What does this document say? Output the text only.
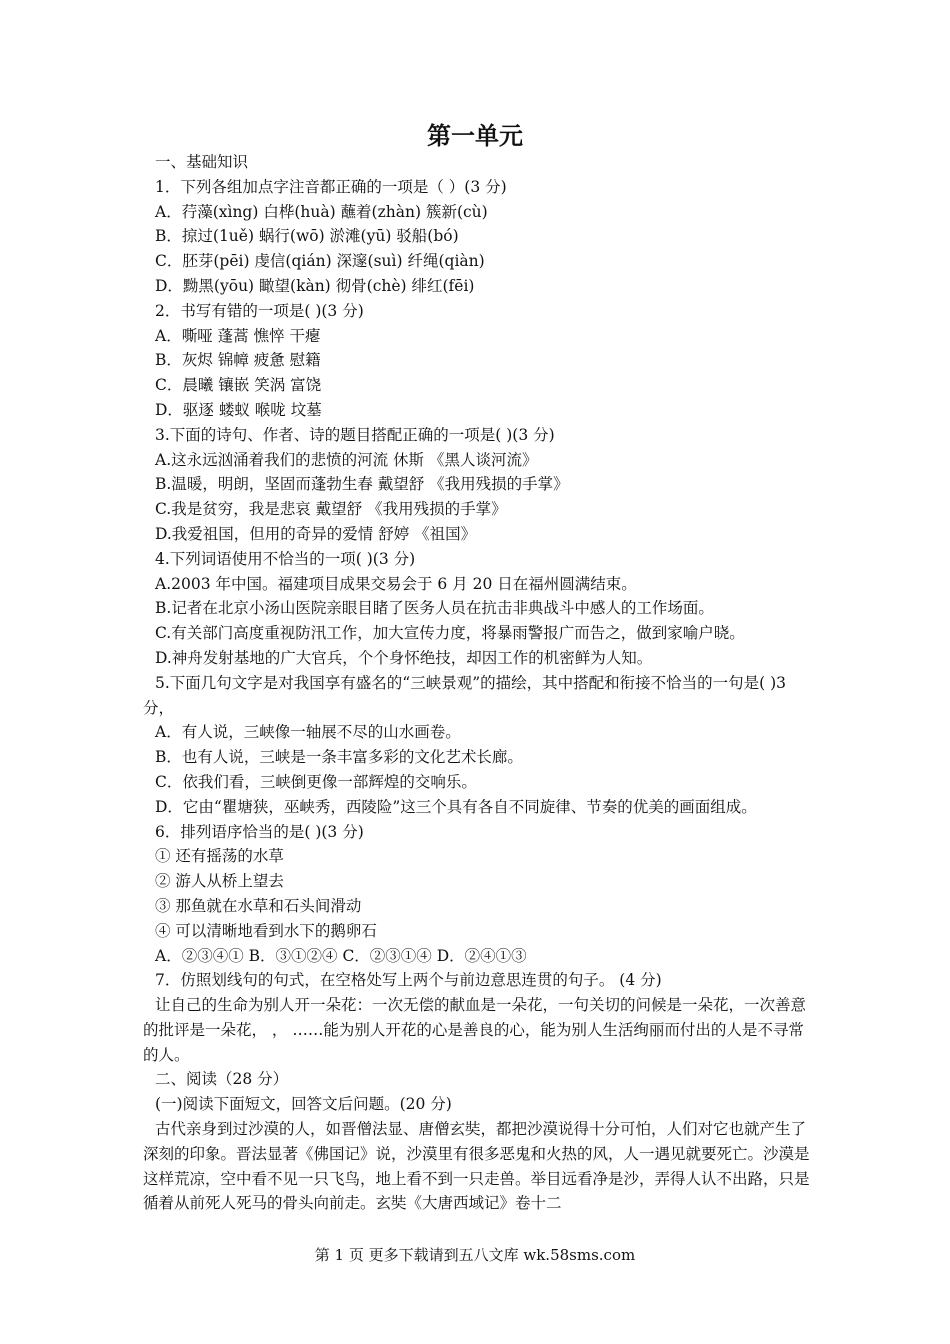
第一单元

一、基础知识

1．下列各组加点字注音都正确的一项是（ ）(3 分)

A．荇藻(xìng) 白桦(huà) 蘸着(zhàn) 簇新(cù)

B．掠过(1uě) 蜗行(wō) 淤滩(yū) 驳船(bó)

C．胚芽(pēi) 虔信(qián) 深邃(suì) 纤绳(qiàn)

D．黝黑(yōu) 瞰望(kàn) 彻骨(chè) 绯红(fēi)

2．书写有错的一项是( )(3 分)

A．嘶哑 蓬蒿 憔悴 干瘪

B．灰烬 锦幛 疲惫 慰籍

C．晨曦 镶嵌 笑涡 富饶

D．驱逐 蝼蚁 喉咙 坟墓

3.下面的诗句、作者、诗的题目搭配正确的一项是( )(3 分)

A.这永远汹涌着我们的悲愤的河流 休斯 《黑人谈河流》

B.温暖，明朗，坚固而蓬勃生春 戴望舒 《我用残损的手掌》

C.我是贫穷，我是悲哀 戴望舒 《我用残损的手掌》

D.我爱祖国，但用的奇异的爱情 舒婷 《祖国》

4.下列词语使用不恰当的一项( )(3 分)

A.2003 年中国。福建项目成果交易会于 6 月 20 日在福州圆满结束。

B.记者在北京小汤山医院亲眼目睹了医务人员在抗击非典战斗中感人的工作场面。

C.有关部门高度重视防汛工作，加大宣传力度，将暴雨警报广而告之，做到家喻户晓。

D.神舟发射基地的广大官兵，个个身怀绝技，却因工作的机密鲜为人知。

5.下面几句文字是对我国享有盛名的“三峡景观”的描绘，其中搭配和衔接不恰当的一句是( )3 分，

A．有人说，三峡像一轴展不尽的山水画卷。

B．也有人说，三峡是一条丰富多彩的文化艺术长廊。

C．依我们看，三峡倒更像一部辉煌的交响乐。

D．它由“瞿塘狭，巫峡秀，西陵险”这三个具有各自不同旋律、节奏的优美的画面组成。

6．排列语序恰当的是( )(3 分)

① 还有摇荡的水草

② 游人从桥上望去

③ 那鱼就在水草和石头间滑动

④ 可以清晰地看到水下的鹅卵石

A．②③④① B．③①②④ C．②③①④ D．②④①③

7．仿照划线句的句式，在空格处写上两个与前边意思连贯的句子。 (4 分)

让自己的生命为别人开一朵花：一次无偿的献血是一朵花，一句关切的问候是一朵花，一次善意的批评是一朵花， ， ……能为别人开花的心是善良的心，能为别人生活绚丽而付出的人是不寻常的人。

二、阅读（28 分）

(一)阅读下面短文，回答文后问题。(20 分)

古代亲身到过沙漠的人，如晋僧法显、唐僧玄奘，都把沙漠说得十分可怕，人们对它也就产生了深刻的印象。晋法显著《佛国记》说，沙漠里有很多恶鬼和火热的风，人一遇见就要死亡。沙漠是这样荒凉，空中看不见一只飞鸟，地上看不到一只走兽。举目远看净是沙，弄得人认不出路，只是循着从前死人死马的骨头向前走。玄奘《大唐西域记》卷十二

第 1 页 更多下载请到五八文库 wk.58sms.com
